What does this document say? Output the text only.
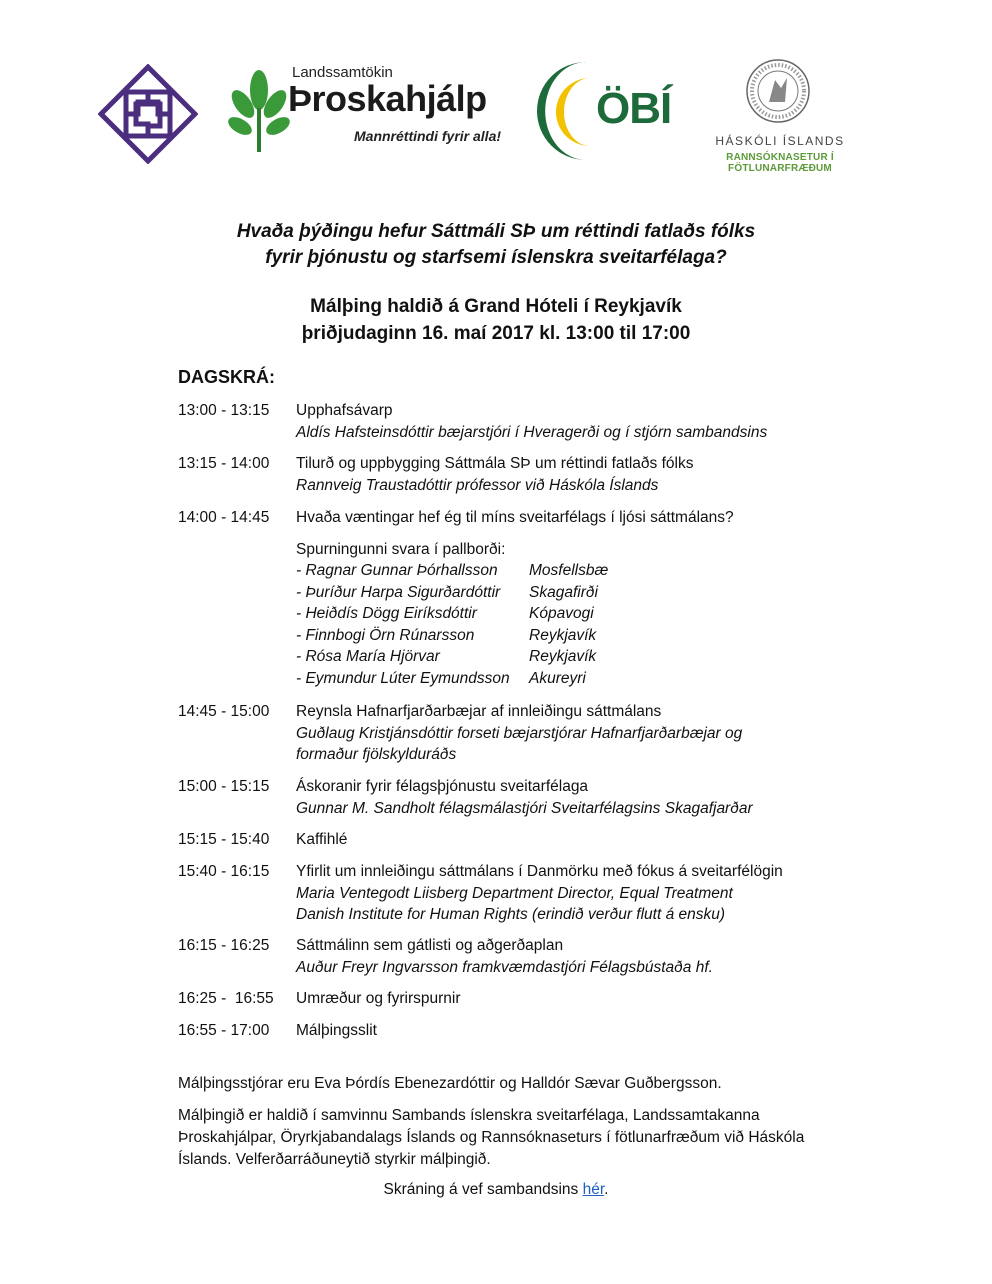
Landssamtökin
Þroskahjálp
Mannréttindi fyrir alla!
ÖBÍ
HÁSKÓLI ÍSLANDS
RANNSÓKNASETUR Í FÖTLUNARFRÆÐUM
Hvaða þýðingu hefur Sáttmáli SÞ um réttindi fatlaðs fólks
fyrir þjónustu og starfsemi íslenskra sveitarfélaga?
Málþing haldið á Grand Hóteli í Reykjavík
þriðjudaginn 16. maí 2017 kl. 13:00 til 17:00
DAGSKRÁ:
13:00 - 13:15	Upphafsávarp
Aldís Hafsteinsdóttir bæjarstjóri í Hveragerði og í stjórn sambandsins
13:15 - 14:00	Tilurð og uppbygging Sáttmála SÞ um réttindi fatlaðs fólks
Rannveig Traustadóttir prófessor við Háskóla Íslands
14:00 - 14:45	Hvaða væntingar hef ég til míns sveitarfélags í ljósi sáttmálans?
Spurningunni svara í pallborði:
- Ragnar Gunnar Þórhallsson Mosfellsbæ
- Þuríður Harpa Sigurðardóttir Skagafirði
- Heiðdís Dögg Eiríksdóttir	Kópavogi
- Finnbogi Örn Rúnarsson	Reykjavík
- Rósa María Hjörvar	Reykjavík
- Eymundur Lúter Eymundsson Akureyri
14:45 - 15:00	Reynsla Hafnarfjarðarbæjar af innleiðingu sáttmálans
Guðlaug Kristjánsdóttir forseti bæjarstjórar Hafnarfjarðarbæjar og
formaður fjölskylduráðs
15:00 - 15:15	Áskoranir fyrir félagsþjónustu sveitarfélaga
Gunnar M. Sandholt félagsmálastjóri Sveitarfélagsins Skagafjarðar
15:15 - 15:40	Kaffihlé
15:40 - 16:15	Yfirlit um innleiðingu sáttmálans í Danmörku með fókus á sveitarfélögin
Maria Ventegodt Liisberg Department Director, Equal Treatment
Danish Institute for Human Rights (erindið verður flutt á ensku)
16:15 - 16:25	Sáttmálinn sem gátlisti og aðgerðaplan
Auður Freyr Ingvarsson framkvæmdastjóri Félagsbústaða hf.
16:25 -  16:55	Umræður og fyrirspurnir
16:55 - 17:00	Málþingsslit
Málþingsstjórar eru Eva Þórdís Ebenezardóttir og Halldór Sævar Guðbergsson.
Málþingið er haldið í samvinnu Sambands íslenskra sveitarfélaga, Landssamtakanna
Þroskahjálpar, Öryrkjabandalags Íslands og Rannsóknaseturs í fötlunarfræðum við Háskóla
Íslands. Velferðarráðuneytið styrkir málþingið.
Skráning á vef sambandsins hér.
